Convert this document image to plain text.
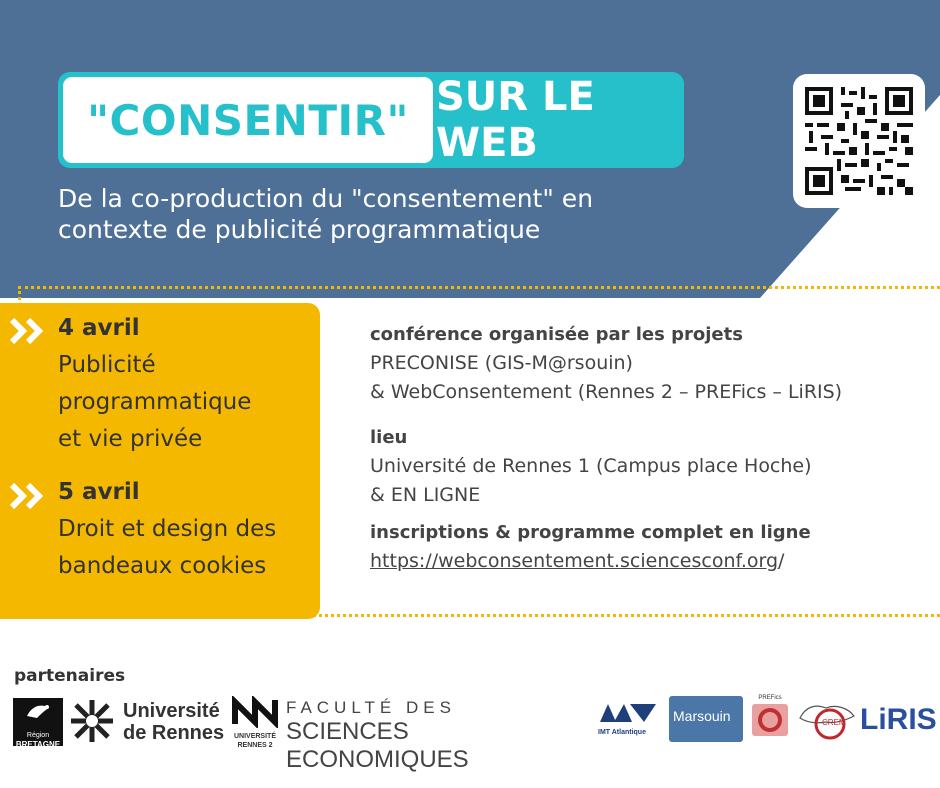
"CONSENTIR" SUR LE WEB
De la co-production du "consentement" en
contexte de publicité programmatique
4 avril
Publicité
programmatique
et vie privée
5 avril
Droit et design des
bandeaux cookies
conférence organisée par les projets
PRECONISE (GIS-M@rsouin)
& WebConsentement (Rennes 2 – PREFics – LiRIS)
lieu
Université de Rennes 1 (Campus place Hoche)
& EN LIGNE
inscriptions & programme complet en ligne
https://webconsentement.sciencesconf.org/
partenaires
Région
BRETAGNE
Université
de Rennes	UNIVERSITÉ
RENNES 2
FACULTÉ DES
SCIENCES ECONOMIQUES
IMT Atlantique
Marsouin
PREFics
CREM LiRIS
